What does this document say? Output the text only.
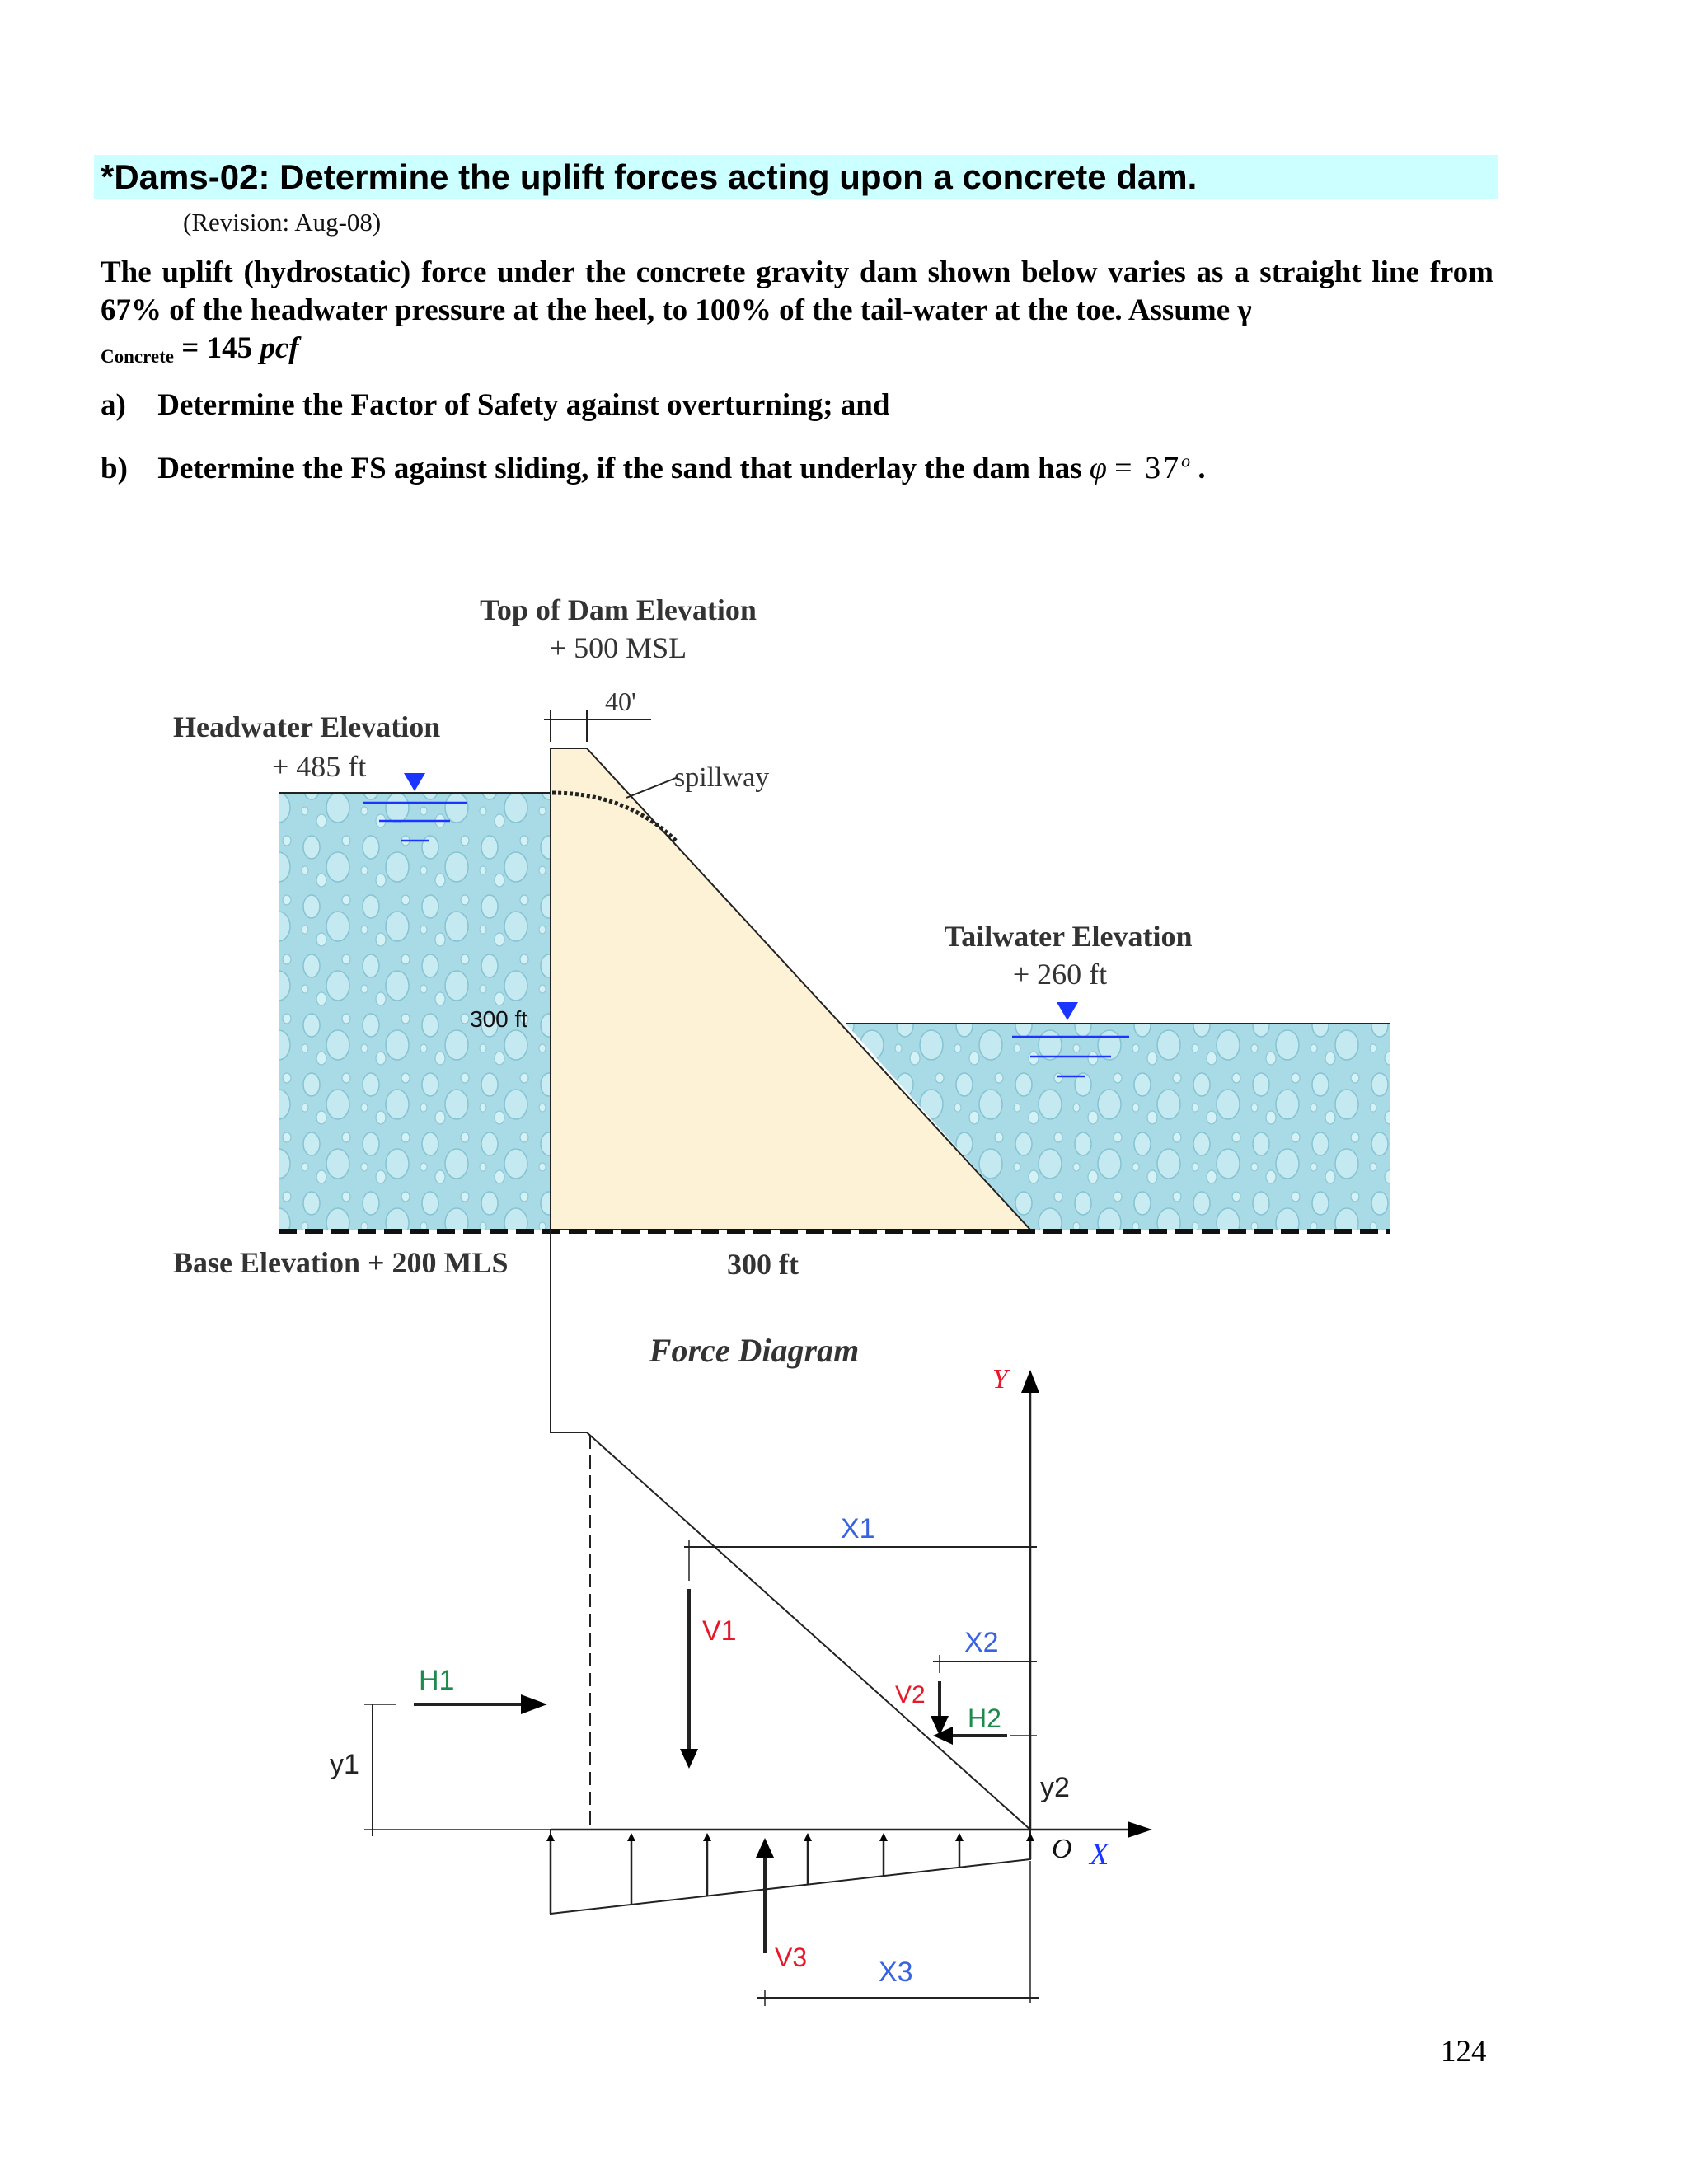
*Dams-02: Determine the uplift forces acting upon a concrete dam.
(Revision: Aug-08)
The uplift (hydrostatic) force under the concrete gravity dam shown below varies as a straight line from 67% of the headwater pressure at the heel, to 100% of the tail-water at the toe. Assume γ
$_{Concrete}$ = 145 pcf
a) Determine the Factor of Safety against overturning; and
b) Determine the FS against sliding, if the sand that underlay the dam has $\varphi = 37^o$ .
spillway
Top of Dam Elevation
+ 500 MSL
40'
Headwater Elevation
+ 485 ft
Tailwater Elevation
+ 260 ft
300 ft
Base Elevation + 200 MLS	300 ft
Force Diagram
Y
O X
V1
X1
X2
V2
H2
H1
y1
y2
V3	X3
124
